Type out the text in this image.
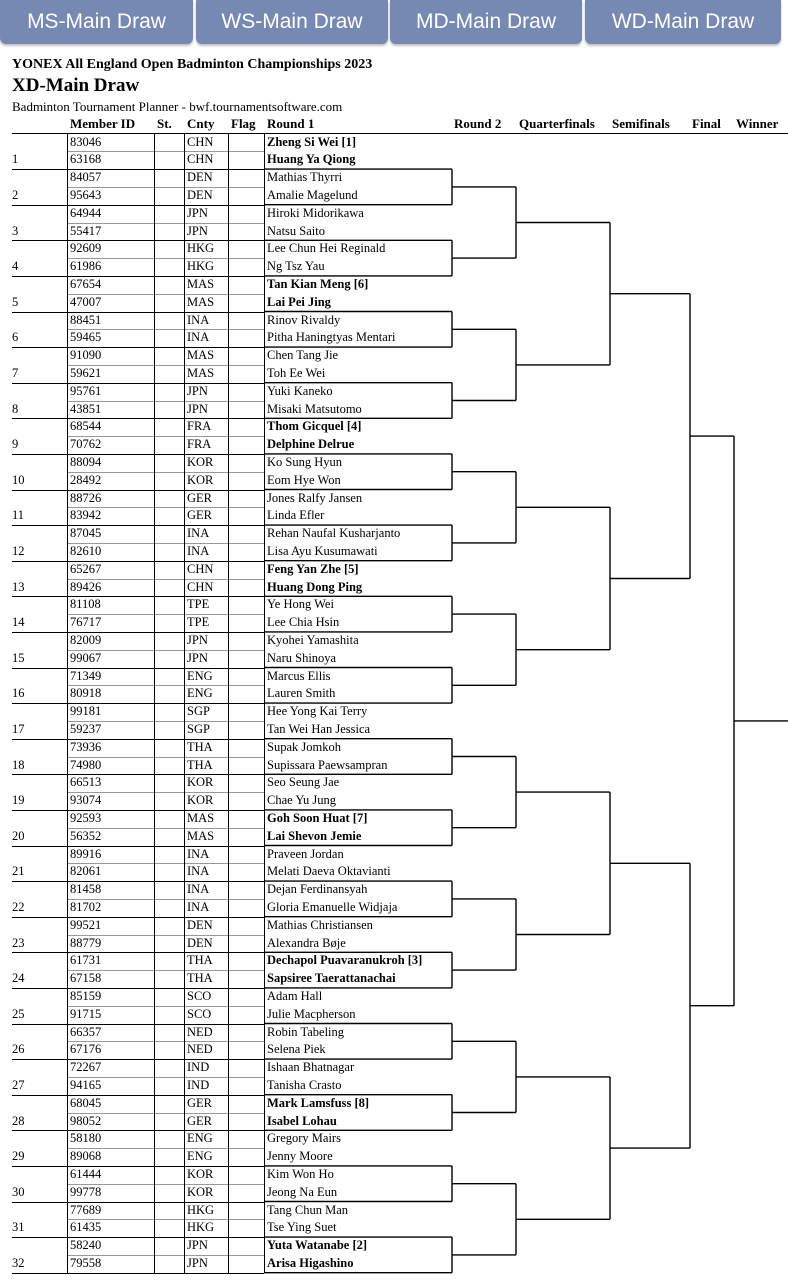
MS-Main Draw	WS-Main Draw	MD-Main Draw	WD-Main Draw
YONEX All England Open Badminton Championships 2023
XD-Main Draw
Badminton Tournament Planner - bwf.tournamentsoftware.com
Member ID St. Cnty Flag Round 1	Round 2 Quarterfinals Semifinals Final Winner
1
83046	CHN	Zheng Si Wei [1]
63168	CHN	Huang Ya Qiong
2
84057	DEN	Mathias Thyrri
95643	DEN	Amalie Magelund
3
64944	JPN	Hiroki Midorikawa
55417	JPN	Natsu Saito
4
92609	HKG	Lee Chun Hei Reginald
61986	HKG	Ng Tsz Yau
5
67654	MAS	Tan Kian Meng [6]
47007	MAS	Lai Pei Jing
6
88451	INA	Rinov Rivaldy
59465	INA	Pitha Haningtyas Mentari
7
91090	MAS	Chen Tang Jie
59621	MAS	Toh Ee Wei
8
95761	JPN	Yuki Kaneko
43851	JPN	Misaki Matsutomo
9
68544	FRA	Thom Gicquel [4]
70762	FRA	Delphine Delrue
10
88094	KOR	Ko Sung Hyun
28492	KOR	Eom Hye Won
11
88726	GER	Jones Ralfy Jansen
83942	GER	Linda Efler
12
87045	INA	Rehan Naufal Kusharjanto
82610	INA	Lisa Ayu Kusumawati
13
65267	CHN	Feng Yan Zhe [5]
89426	CHN	Huang Dong Ping
14
81108	TPE	Ye Hong Wei
76717	TPE	Lee Chia Hsin
15
82009	JPN	Kyohei Yamashita
99067	JPN	Naru Shinoya
16
71349	ENG	Marcus Ellis
80918	ENG	Lauren Smith
17
99181	SGP	Hee Yong Kai Terry
59237	SGP	Tan Wei Han Jessica
18
73936	THA	Supak Jomkoh
74980	THA	Supissara Paewsampran
19
66513	KOR	Seo Seung Jae
93074	KOR	Chae Yu Jung
20
92593	MAS	Goh Soon Huat [7]
56352	MAS	Lai Shevon Jemie
21
89916	INA	Praveen Jordan
82061	INA	Melati Daeva Oktavianti
22
81458	INA	Dejan Ferdinansyah
81702	INA	Gloria Emanuelle Widjaja
23
99521	DEN	Mathias Christiansen
88779	DEN	Alexandra Bøje
24
61731	THA	Dechapol Puavaranukroh [3]
67158	THA	Sapsiree Taerattanachai
25
85159	SCO	Adam Hall
91715	SCO	Julie Macpherson
26
66357	NED	Robin Tabeling
67176	NED	Selena Piek
27
72267	IND	Ishaan Bhatnagar
94165	IND	Tanisha Crasto
28
68045	GER	Mark Lamsfuss [8]
98052	GER	Isabel Lohau
29
58180	ENG	Gregory Mairs
89068	ENG	Jenny Moore
30
61444	KOR	Kim Won Ho
99778	KOR	Jeong Na Eun
31
77689	HKG	Tang Chun Man
61435	HKG	Tse Ying Suet
32
58240	JPN	Yuta Watanabe [2]
79558	JPN	Arisa Higashino
